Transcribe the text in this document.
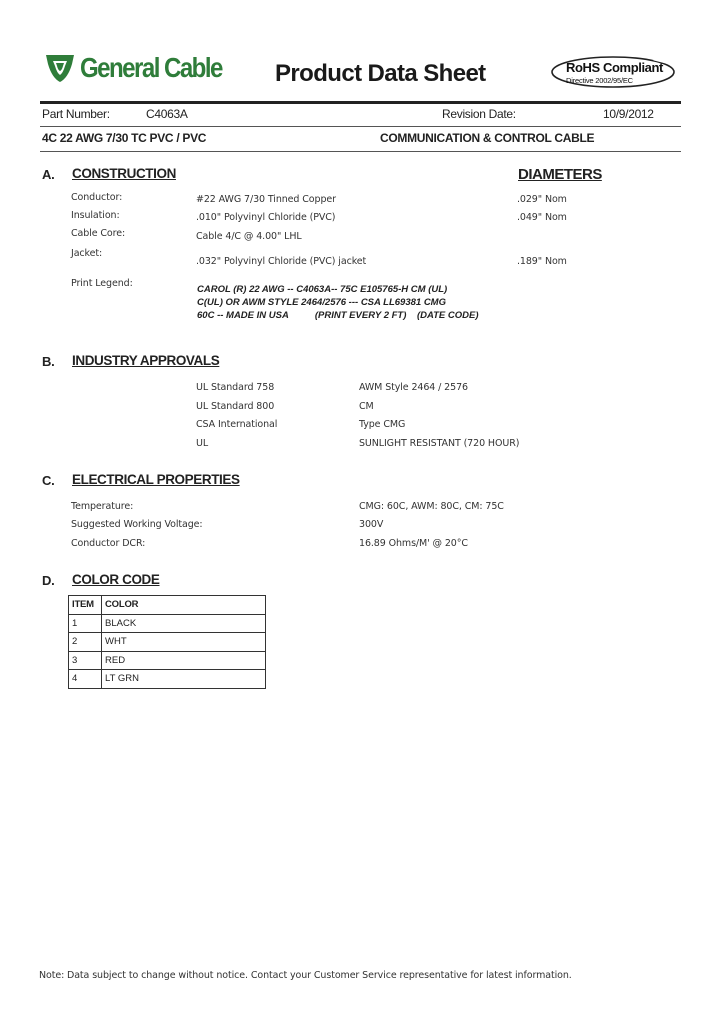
General Cable Product Data Sheet	RoHS Compliant
Directive 2002/95/EC
Part Number:	C4063A	Revision Date:	10/9/2012
4C 22 AWG 7/30 TC PVC / PVC	COMMUNICATION & CONTROL CABLE
A. CONSTRUCTION	DIAMETERS
Conductor:	#22 AWG 7/30 Tinned Copper	.029" Nom
Insulation:	.010" Polyvinyl Chloride (PVC)	.049" Nom
Cable Core:	Cable 4/C @ 4.00" LHL
Jacket:
.032" Polyvinyl Chloride (PVC) jacket	.189" Nom
Print Legend:
CAROL (R) 22 AWG -- C4063A-- 75C E105765-H CM (UL)
C(UL) OR AWM STYLE 2464/2576 --- CSA LL69381 CMG
60C -- MADE IN USA          (PRINT EVERY 2 FT)    (DATE CODE)
B. INDUSTRY APPROVALS
UL Standard 758	AWM Style 2464 / 2576
UL Standard 800	CM
CSA International	Type CMG
UL	SUNLIGHT RESISTANT (720 HOUR)
C. ELECTRICAL PROPERTIES
Temperature:	CMG: 60C, AWM: 80C, CM: 75C
Suggested Working Voltage:	300V
Conductor DCR:	16.89 Ohms/M' @ 20°C
D. COLOR CODE
ITEM	COLOR
1	BLACK
2	WHT
3	RED
4	LT GRN
Note: Data subject to change without notice. Contact your Customer Service representative for latest information.
